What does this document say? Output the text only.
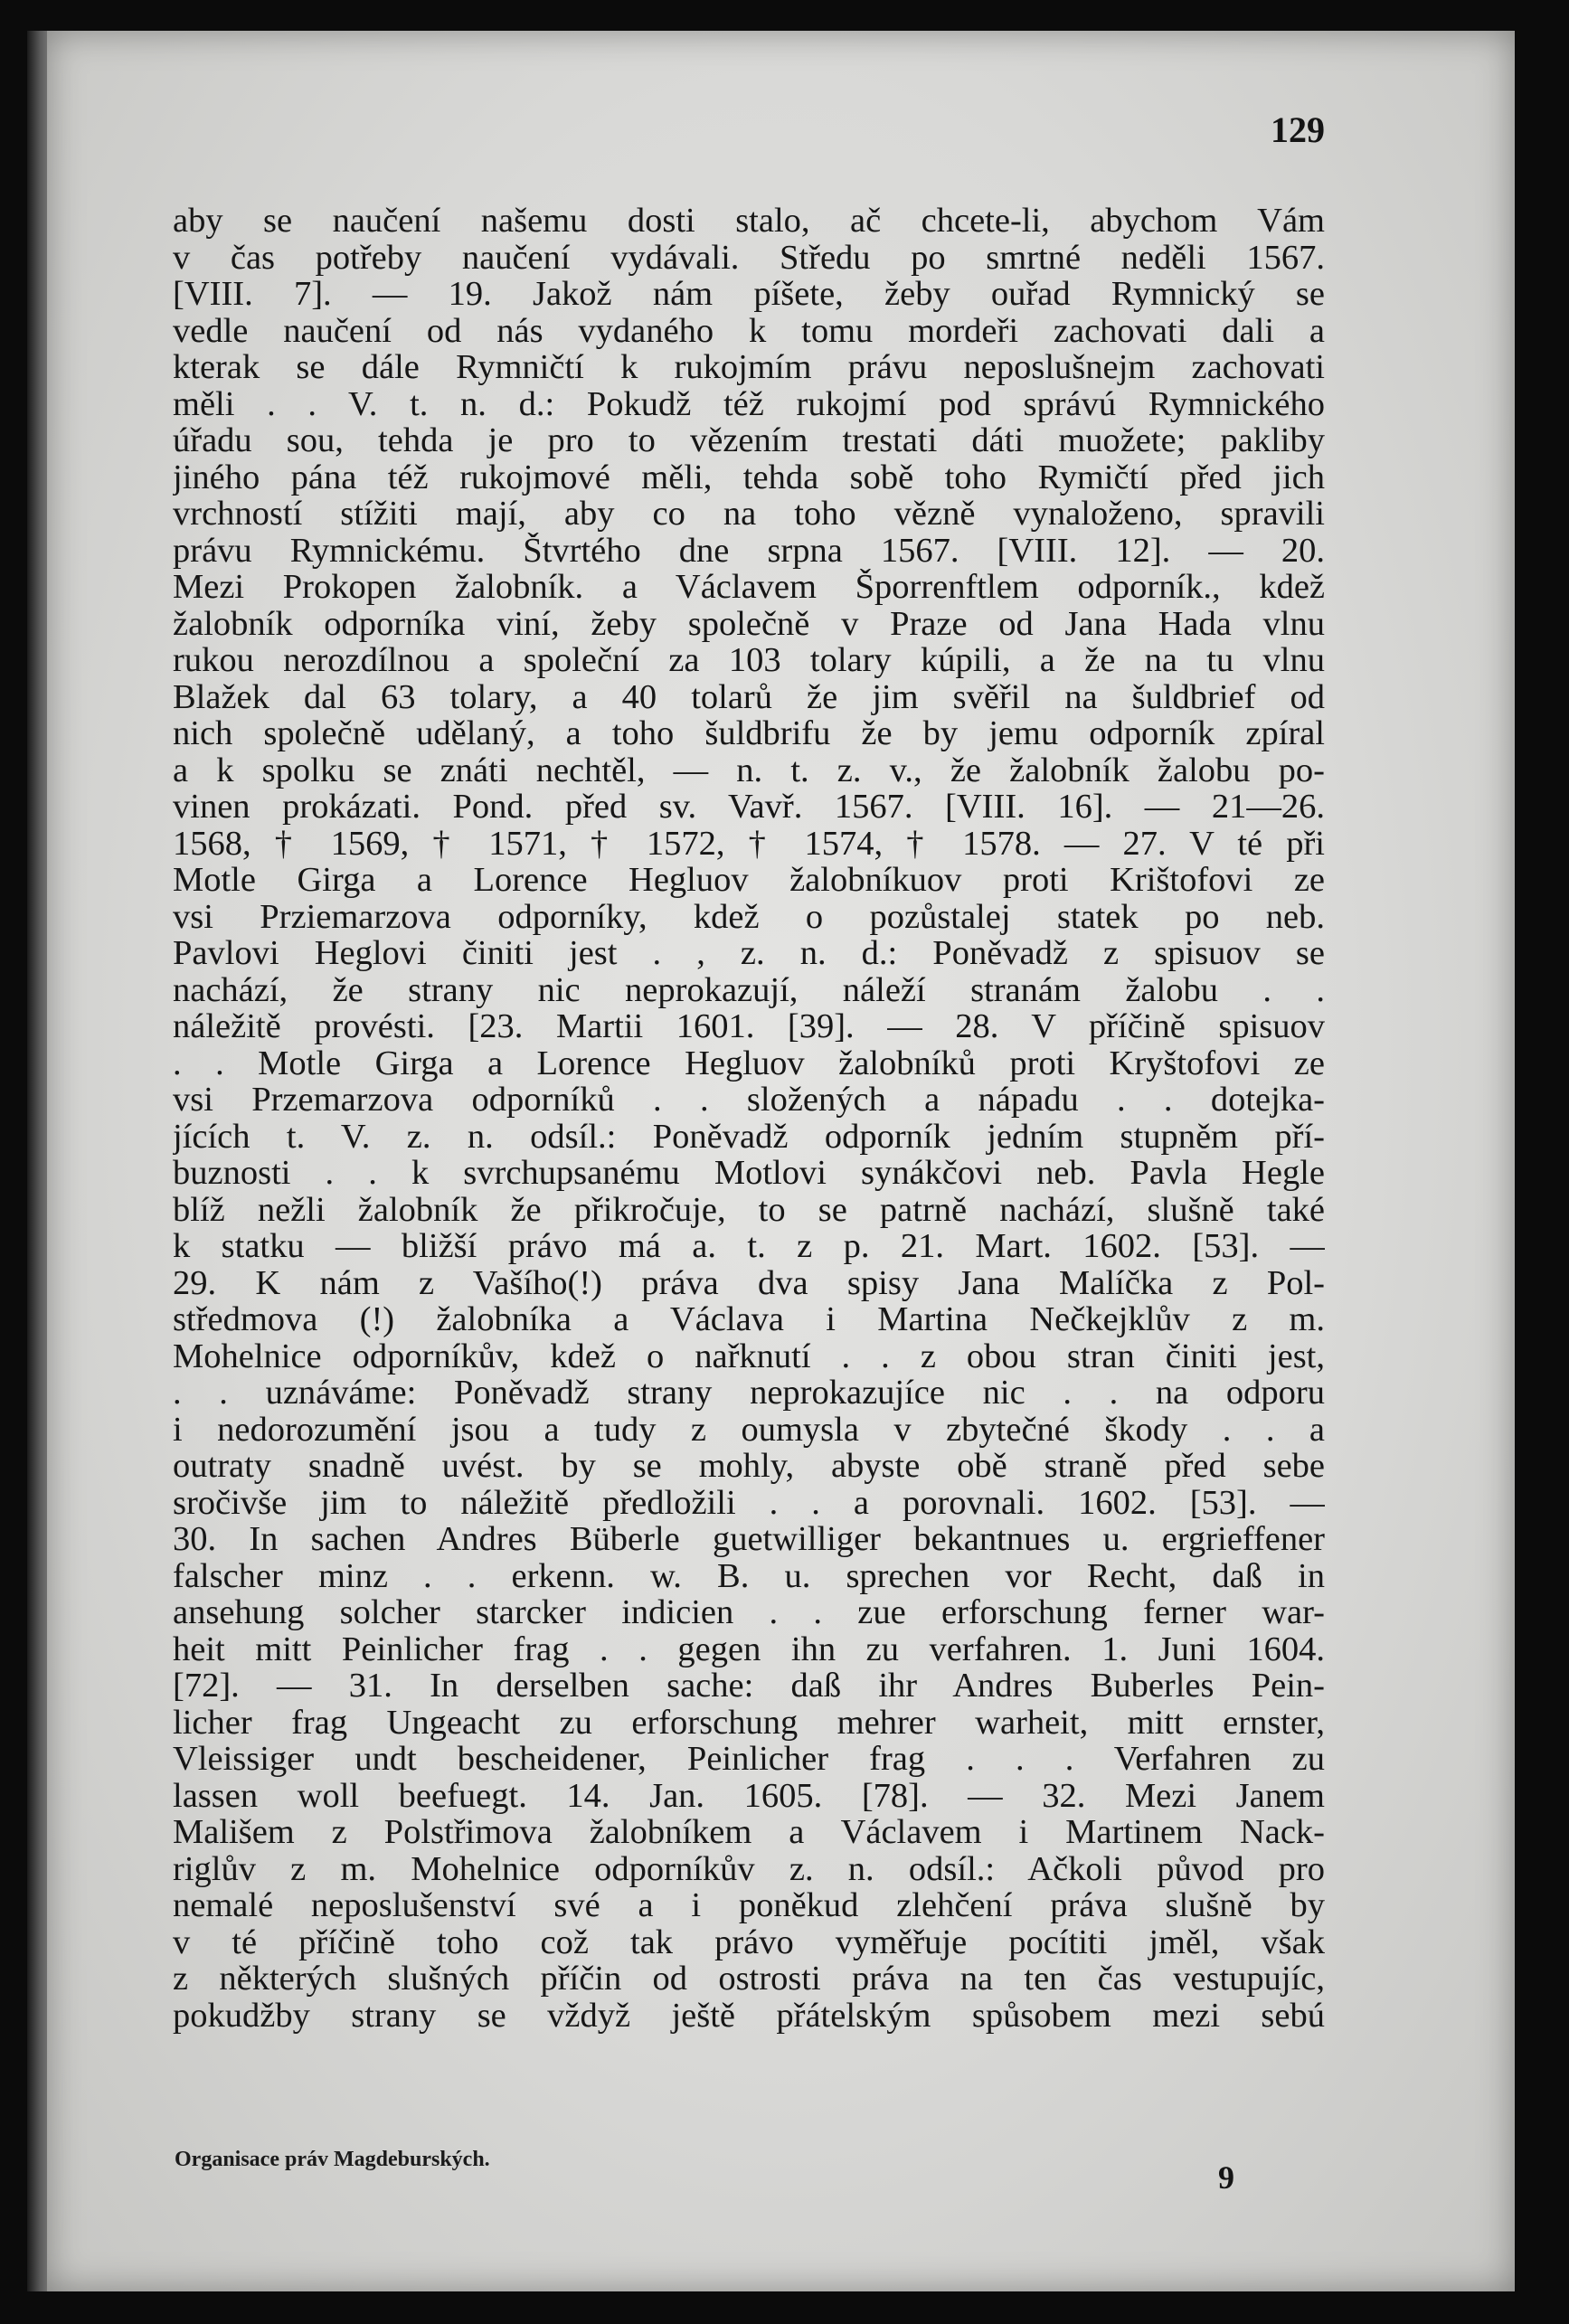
129
aby se naučení našemu dosti stalo, ač chcete-li, abychom Vám
v čas potřeby naučení vydávali. Středu po smrtné neděli 1567.
[VIII. 7]. — 19. Jakož nám píšete, žeby ouřad Rymnický se
vedle naučení od nás vydaného k tomu mordeři zachovati dali a
kterak se dále Rymničtí k rukojmím právu neposlušnejm zachovati
měli . . V. t. n. d.: Pokudž též rukojmí pod správú Rymnického
úřadu sou, tehda je pro to vězením trestati dáti muožete; pakliby
jiného pána též rukojmové měli, tehda sobě toho Rymičtí před jich
vrchností stížiti mají, aby co na toho vězně vynaloženo, spravili
právu Rymnickému. Štvrtého dne srpna 1567. [VIII. 12]. — 20.
Mezi Prokopen žalobník. a Václavem Šporrenftlem odporník., kdež
žalobník odporníka viní, žeby společně v Praze od Jana Hada vlnu
rukou nerozdílnou a společní za 103 tolary kúpili, a že na tu vlnu
Blažek dal 63 tolary, a 40 tolarů že jim svěřil na šuldbrief od
nich společně udělaný, a toho šuldbrifu že by jemu odporník zpíral
a k spolku se znáti nechtěl, — n. t. z. v., že žalobník žalobu po-
vinen prokázati. Pond. před sv. Vavř. 1567. [VIII. 16]. — 21—26.
1568, † 1569, † 1571, † 1572, † 1574, † 1578. — 27. V té při
Motle Girga a Lorence Hegluov žalobníkuov proti Krištofovi ze
vsi Prziemarzova odporníky, kdež o pozůstalej statek po neb.
Pavlovi Heglovi činiti jest . , z. n. d.: Poněvadž z spisuov se
nachází, že strany nic neprokazují, náleží stranám žalobu . .
náležitě provésti. [23. Martii 1601. [39]. — 28. V příčině spisuov
. . Motle Girga a Lorence Hegluov žalobníků proti Kryštofovi ze
vsi Przemarzova odporníků . . složených a nápadu . . dotejka-
jících t. V. z. n. odsíl.: Poněvadž odporník jedním stupněm pří-
buznosti . . k svrchupsanému Motlovi synákčovi neb. Pavla Hegle
blíž nežli žalobník že přikročuje, to se patrně nachází, slušně také
k statku — bližší právo má a. t. z p. 21. Mart. 1602. [53]. —
29. K nám z Vašího(!) práva dva spisy Jana Malíčka z Pol-
středmova (!) žalobníka a Václava i Martina Nečkejklův z m.
Mohelnice odporníkův, kdež o nařknutí . . z obou stran činiti jest,
. . uznáváme: Poněvadž strany neprokazujíce nic . . na odporu
i nedorozumění jsou a tudy z oumysla v zbytečné škody . . a
outraty snadně uvést. by se mohly, abyste obě straně před sebe
sročivše jim to náležitě předložili . . a porovnali. 1602. [53]. —
30. In sachen Andres Büberle guetwilliger bekantnues u. ergrieffener
falscher minz . . erkenn. w. B. u. sprechen vor Recht, daß in
ansehung solcher starcker indicien . . zue erforschung ferner war-
heit mitt Peinlicher frag . . gegen ihn zu verfahren. 1. Juni 1604.
[72]. — 31. In derselben sache: daß ihr Andres Buberles Pein-
licher frag Ungeacht zu erforschung mehrer warheit, mitt ernster,
Vleissiger undt bescheidener, Peinlicher frag . . . Verfahren zu
lassen woll beefuegt. 14. Jan. 1605. [78]. — 32. Mezi Janem
Mališem z Polstřimova žalobníkem a Václavem i Martinem Nack-
riglův z m. Mohelnice odporníkův z. n. odsíl.: Ačkoli původ pro
nemalé neposlušenství své a i poněkud zlehčení práva slušně by
v té příčině toho což tak právo vyměřuje pocítiti jměl, však
z některých slušných příčin od ostrosti práva na ten čas vestupujíc,
pokudžby strany se vždyž ještě přátelským spůsobem mezi sebú
Organisace práv Magdeburských.	9
